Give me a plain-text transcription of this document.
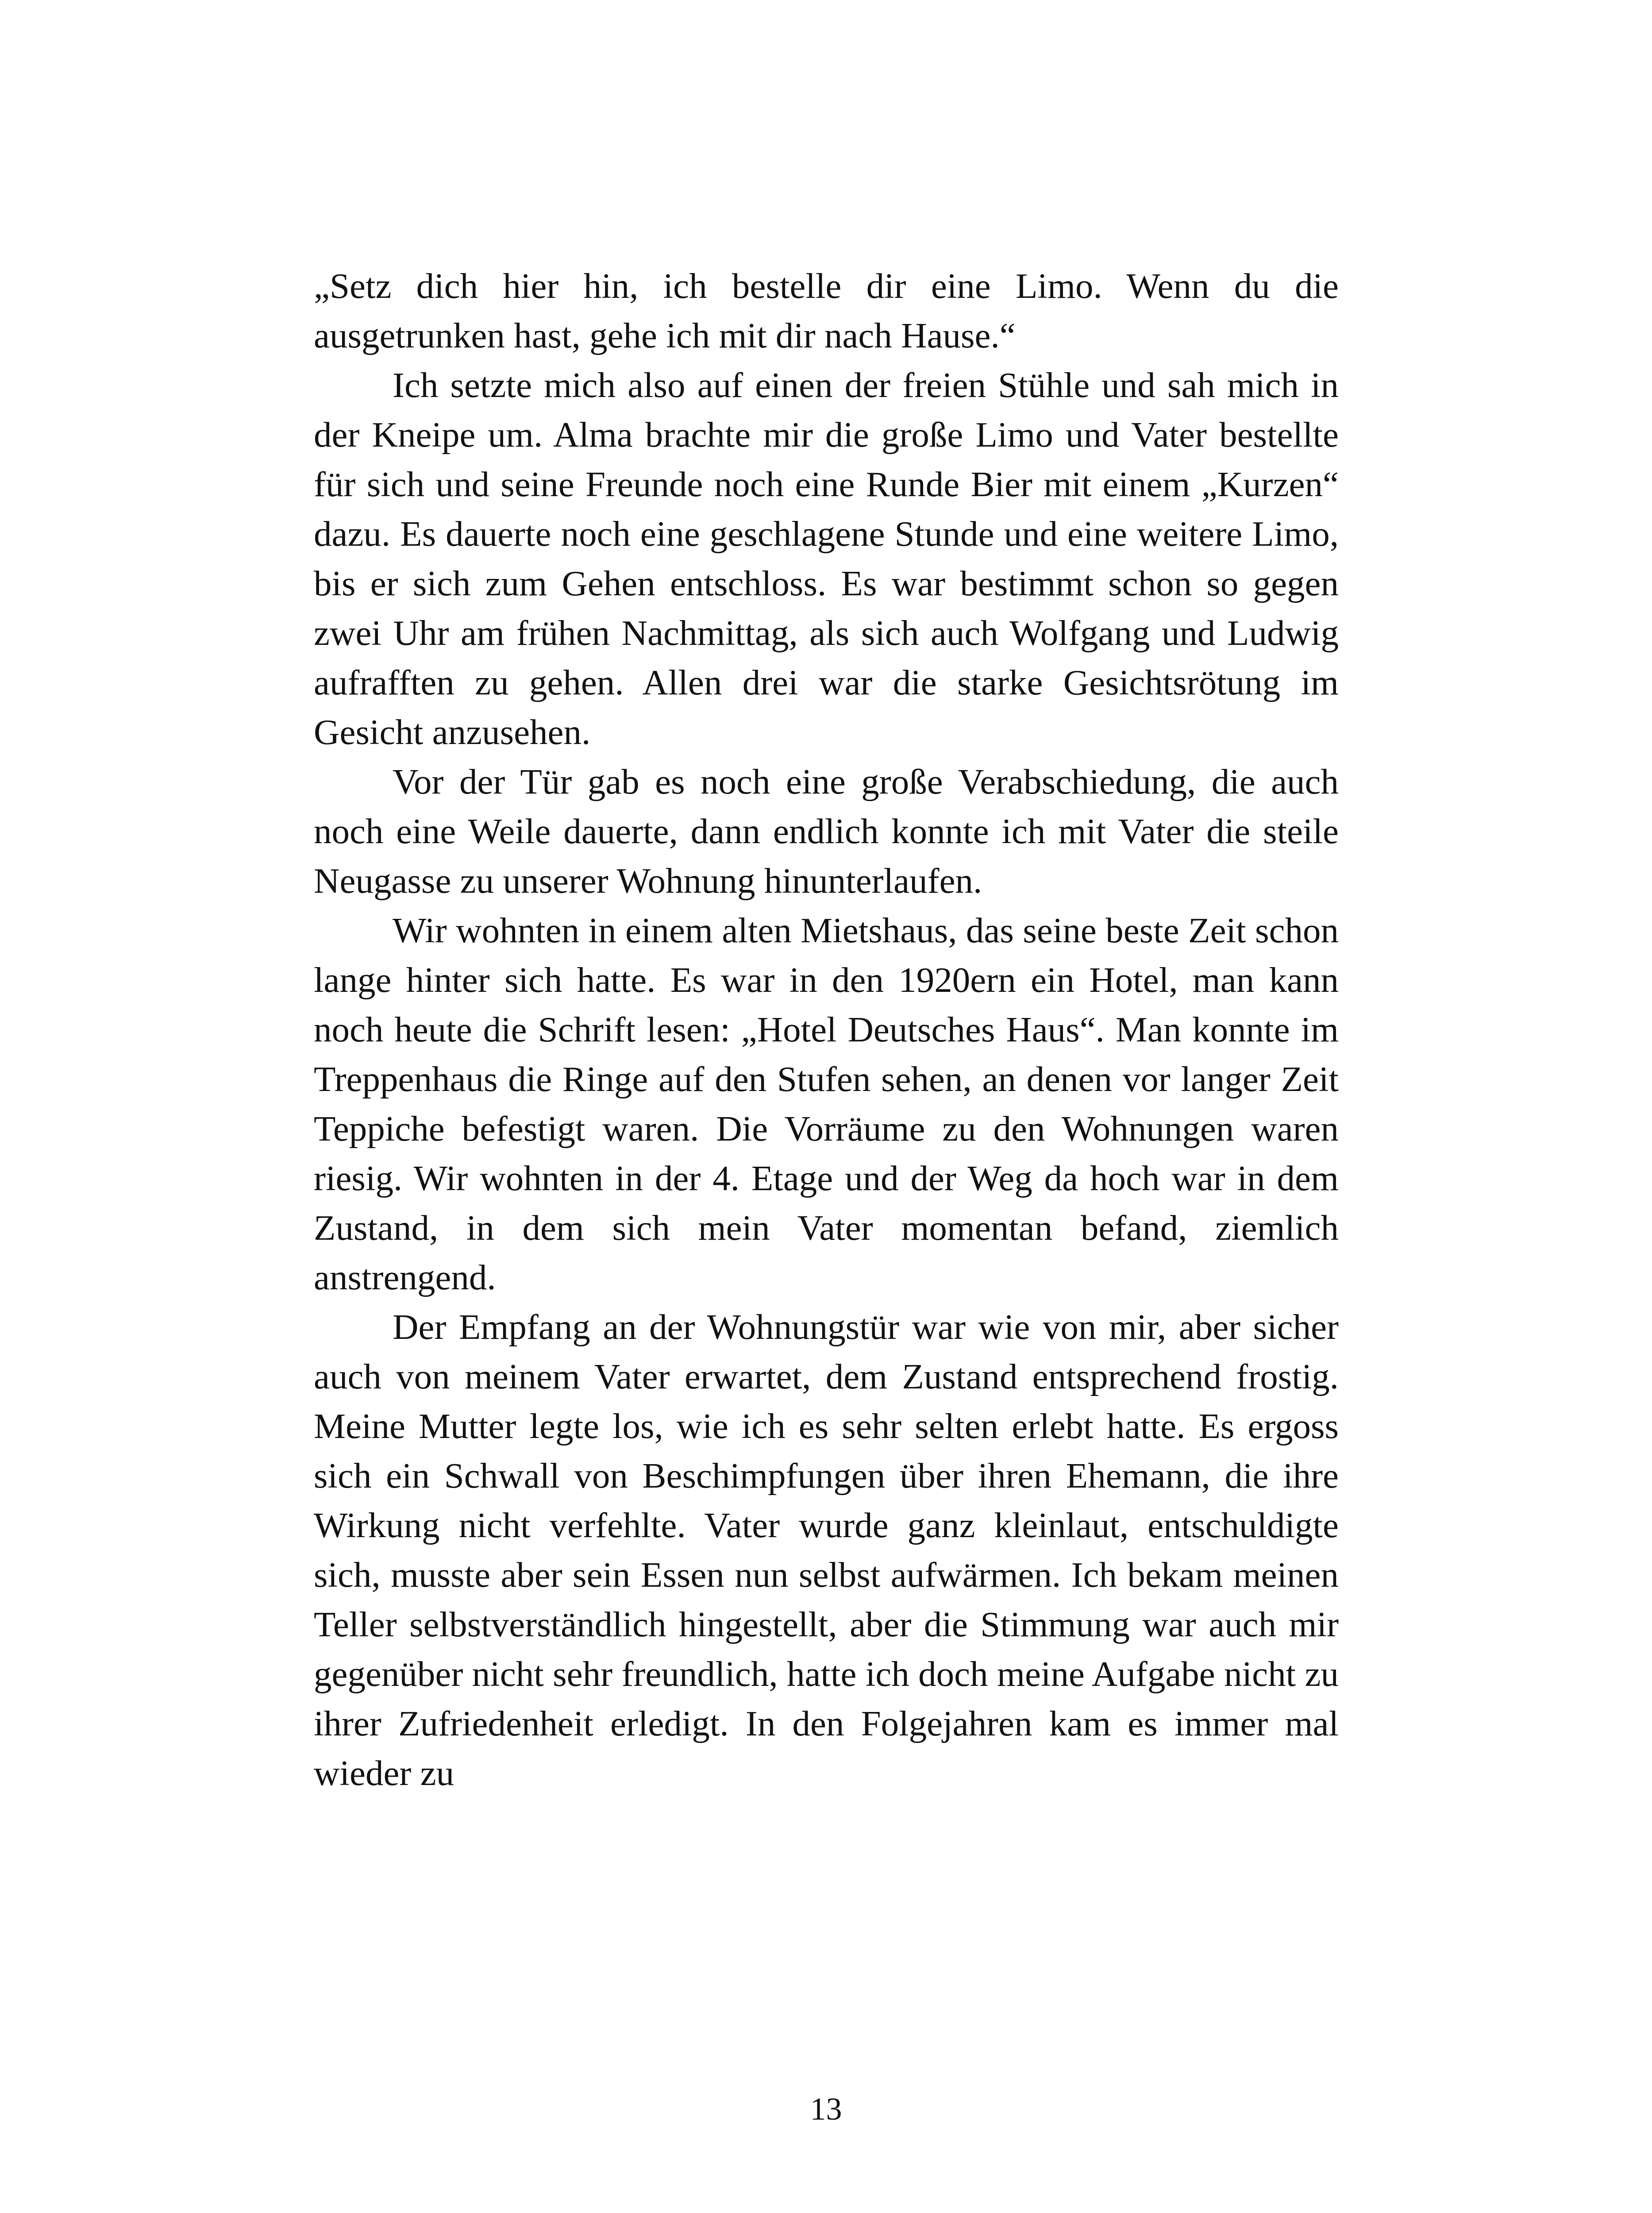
„Setz dich hier hin, ich bestelle dir eine Limo. Wenn du die ausgetrunken hast, gehe ich mit dir nach Hause.“

Ich setzte mich also auf einen der freien Stühle und sah mich in der Kneipe um. Alma brachte mir die große Limo und Vater bestellte für sich und seine Freunde noch eine Runde Bier mit einem „Kurzen“ dazu. Es dauerte noch eine geschlagene Stunde und eine weitere Limo, bis er sich zum Gehen entschloss. Es war bestimmt schon so gegen zwei Uhr am frühen Nachmittag, als sich auch Wolfgang und Ludwig aufrafften zu gehen. Allen drei war die starke Gesichtsrötung im Gesicht anzusehen.

Vor der Tür gab es noch eine große Verabschiedung, die auch noch eine Weile dauerte, dann endlich konnte ich mit Vater die steile Neugasse zu unserer Wohnung hinunterlaufen.

Wir wohnten in einem alten Mietshaus, das seine beste Zeit schon lange hinter sich hatte. Es war in den 1920ern ein Hotel, man kann noch heute die Schrift lesen: „Hotel Deutsches Haus“. Man konnte im Treppenhaus die Ringe auf den Stufen sehen, an denen vor langer Zeit Teppiche befestigt waren. Die Vorräume zu den Wohnungen waren riesig. Wir wohnten in der 4. Etage und der Weg da hoch war in dem Zustand, in dem sich mein Vater momentan befand, ziemlich anstrengend.

Der Empfang an der Wohnungstür war wie von mir, aber sicher auch von meinem Vater erwartet, dem Zustand entsprechend frostig. Meine Mutter legte los, wie ich es sehr selten erlebt hatte. Es ergoss sich ein Schwall von Beschimpfungen über ihren Ehemann, die ihre Wirkung nicht verfehlte. Vater wurde ganz kleinlaut, entschuldigte sich, musste aber sein Essen nun selbst aufwärmen. Ich bekam meinen Teller selbstverständlich hingestellt, aber die Stimmung war auch mir gegenüber nicht sehr freundlich, hatte ich doch meine Aufgabe nicht zu ihrer Zufriedenheit erledigt. In den Folgejahren kam es immer mal wieder zu

13
